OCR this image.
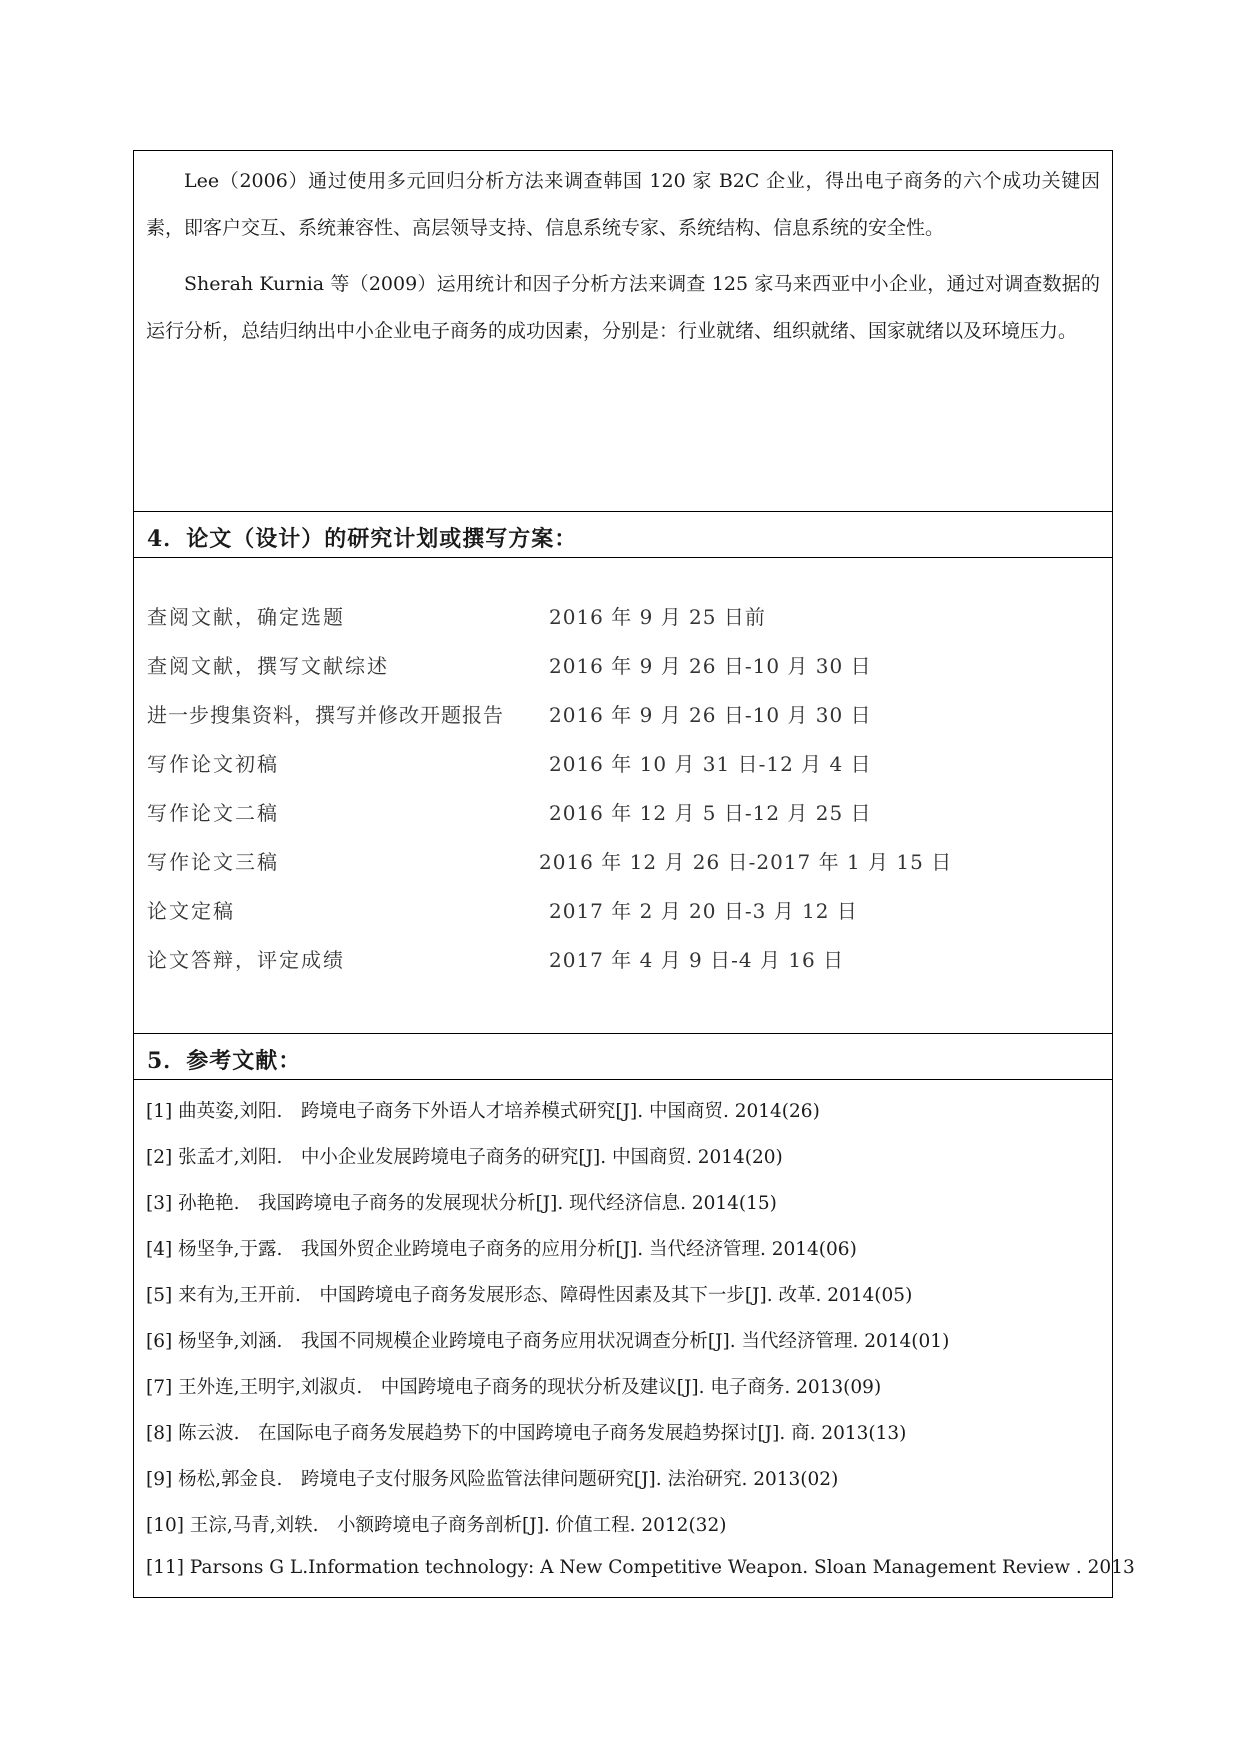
Lee（2006）通过使用多元回归分析方法来调查韩国 120 家 B2C 企业，得出电子商务的六个成功关键因素，即客户交互、系统兼容性、高层领导支持、信息系统专家、系统结构、信息系统的安全性。
Sherah Kurnia 等（2009）运用统计和因子分析方法来调查 125 家马来西亚中小企业，通过对调查数据的运行分析，总结归纳出中小企业电子商务的成功因素，分别是：行业就绪、组织就绪、国家就绪以及环境压力。
4．论文（设计）的研究计划或撰写方案：
查阅文献，确定选题	2016 年 9 月 25 日前
查阅文献，撰写文献综述	2016 年 9 月 26 日-10 月 30 日
进一步搜集资料，撰写并修改开题报告 2016 年 9 月 26 日-10 月 30 日
写作论文初稿	2016 年 10 月 31 日-12 月 4 日
写作论文二稿	2016 年 12 月 5 日-12 月 25 日
写作论文三稿	2016 年 12 月 26 日-2017 年 1 月 15 日
论文定稿	2017 年 2 月 20 日-3 月 12 日
论文答辩，评定成绩	2017 年 4 月 9 日-4 月 16 日
5．参考文献：
[1] 曲英姿,刘阳.　跨境电子商务下外语人才培养模式研究[J]. 中国商贸. 2014(26)
[2] 张孟才,刘阳.　中小企业发展跨境电子商务的研究[J]. 中国商贸. 2014(20)
[3] 孙艳艳.　我国跨境电子商务的发展现状分析[J]. 现代经济信息. 2014(15)
[4] 杨坚争,于露.　我国外贸企业跨境电子商务的应用分析[J]. 当代经济管理. 2014(06)
[5] 来有为,王开前.　中国跨境电子商务发展形态、障碍性因素及其下一步[J]. 改革. 2014(05)
[6] 杨坚争,刘涵.　我国不同规模企业跨境电子商务应用状况调查分析[J]. 当代经济管理. 2014(01)
[7] 王外连,王明宇,刘淑贞.　中国跨境电子商务的现状分析及建议[J]. 电子商务. 2013(09)
[8] 陈云波.　在国际电子商务发展趋势下的中国跨境电子商务发展趋势探讨[J]. 商. 2013(13)
[9] 杨松,郭金良.　跨境电子支付服务风险监管法律问题研究[J]. 法治研究. 2013(02)
[10] 王淙,马青,刘轶.　小额跨境电子商务剖析[J]. 价值工程. 2012(32)
[11] Parsons G L.Information technology: A New Competitive Weapon. Sloan Management Review . 2013
